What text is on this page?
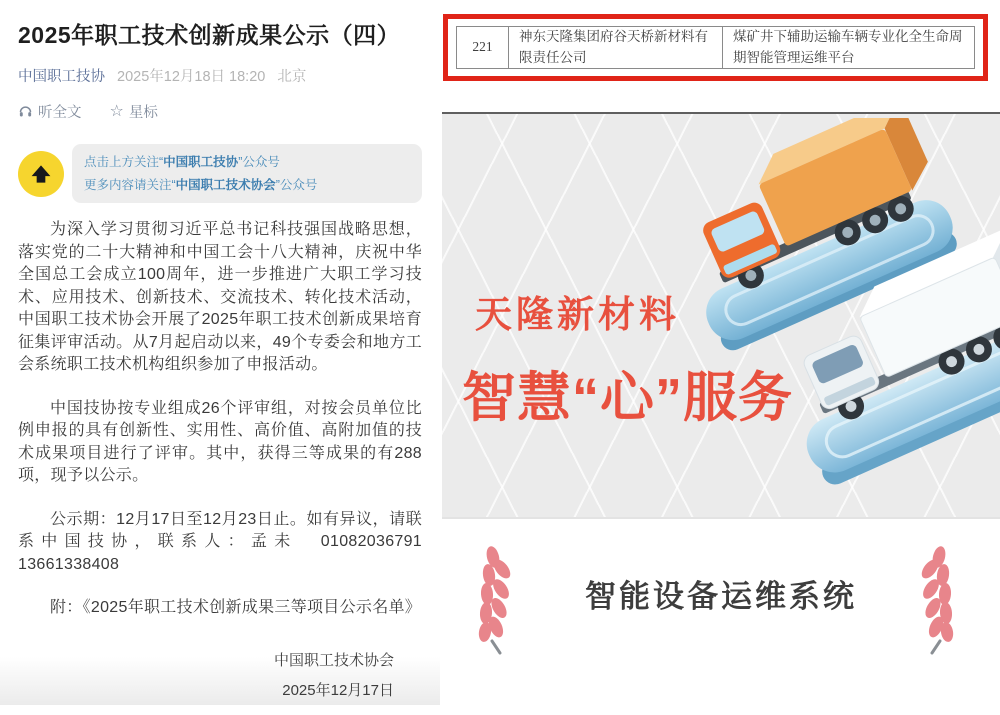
2025年职工技术创新成果公示（四）
中国职工技协 2025年12月18日 18:20 北京
听全文 ☆ 星标
点击上方关注“中国职工技协”公众号
更多内容请关注“中国职工技术协会”公众号

为深入学习贯彻习近平总书记科技强国战略思想，落实党的二十大精神和中国工会十八大精神，庆祝中华全国总工会成立100周年，进一步推进广大职工学习技术、应用技术、创新技术、交流技术、转化技术活动，中国职工技术协会开展了2025年职工技术创新成果培育征集评审活动。从7月起启动以来，49个专委会和地方工会系统职工技术机构组织参加了申报活动。

中国技协按专业组成26个评审组，对按会员单位比例申报的具有创新性、实用性、高价值、高附加值的技术成果项目进行了评审。其中，获得三等成果的有288项，现予以公示。

公示期：12月17日至12月23日止。如有异议，请联系中国技协，联系人：孟未　01082036791 13661338408

附：《2025年职工技术创新成果三等项目公示名单》

中国职工技术协会
2025年12月17日
221
神东天隆集团府谷天桥新材料有限责任公司
煤矿井下辅助运输车辆专业化全生命周期智能管理运维平台
天隆新材料
智慧“心”服务
智能设备运维系统
